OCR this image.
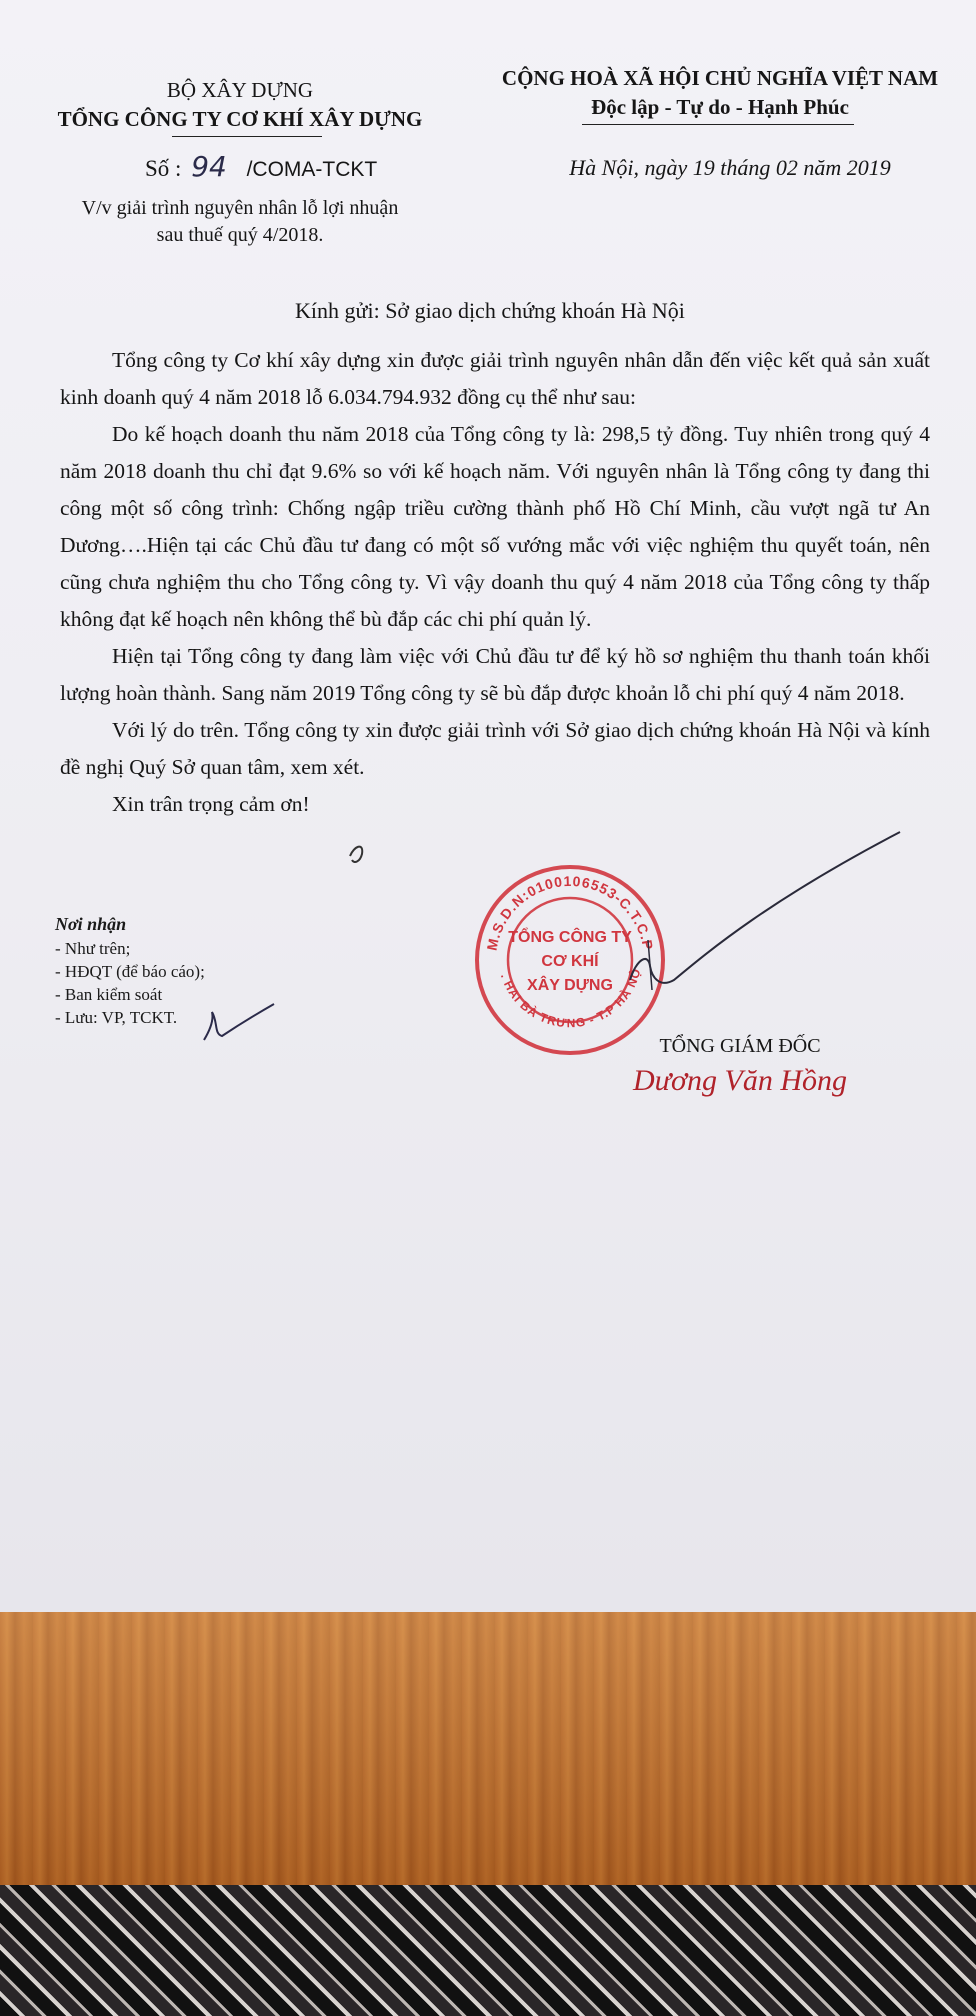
BỘ XÂY DỰNG
TỔNG CÔNG TY CƠ KHÍ XÂY DỰNG
Số : 94 /COMA-TCKT
V/v giải trình nguyên nhân lỗ lợi nhuận
sau thuế quý 4/2018.
CỘNG HOÀ XÃ HỘI CHỦ NGHĨA VIỆT NAM
Độc lập - Tự do - Hạnh Phúc
Hà Nội, ngày 19 tháng 02 năm 2019
Kính gửi: Sở giao dịch chứng khoán Hà Nội

Tổng công ty Cơ khí xây dựng xin được giải trình nguyên nhân dẫn đến việc kết quả sản xuất kinh doanh quý 4 năm 2018 lỗ 6.034.794.932 đồng cụ thể như sau:

Do kế hoạch doanh thu năm 2018 của Tổng công ty là: 298,5 tỷ đồng. Tuy nhiên trong quý 4 năm 2018 doanh thu chỉ đạt 9.6% so với kế hoạch năm. Với nguyên nhân là Tổng công ty đang thi công một số công trình: Chống ngập triều cường thành phố Hồ Chí Minh, cầu vượt ngã tư An Dương….Hiện tại các Chủ đầu tư đang có một số vướng mắc với việc nghiệm thu quyết toán, nên cũng chưa nghiệm thu cho Tổng công ty. Vì vậy doanh thu quý 4 năm 2018 của Tổng công ty thấp không đạt kế hoạch nên không thể bù đắp các chi phí quản lý.

Hiện tại Tổng công ty đang làm việc với Chủ đầu tư để ký hồ sơ nghiệm thu thanh toán khối lượng hoàn thành. Sang năm 2019 Tổng công ty sẽ bù đắp được khoản lỗ chi phí quý 4 năm 2018.

Với lý do trên. Tổng công ty xin được giải trình với Sở giao dịch chứng khoán Hà Nội và kính đề nghị Quý Sở quan tâm, xem xét.

Xin trân trọng cảm ơn!

Nơi nhận
- Như trên;
- HĐQT (để báo cáo);
- Ban kiểm soát
- Lưu: VP, TCKT.
M.S.D.N:0100106553-C.T.C.P
. HAI BÀ TRƯNG - T.P HÀ NỘ
TỔNG CÔNG TY
CƠ KHÍ
XÂY DỰNG
TỔNG GIÁM ĐỐC
Dương Văn Hồng
